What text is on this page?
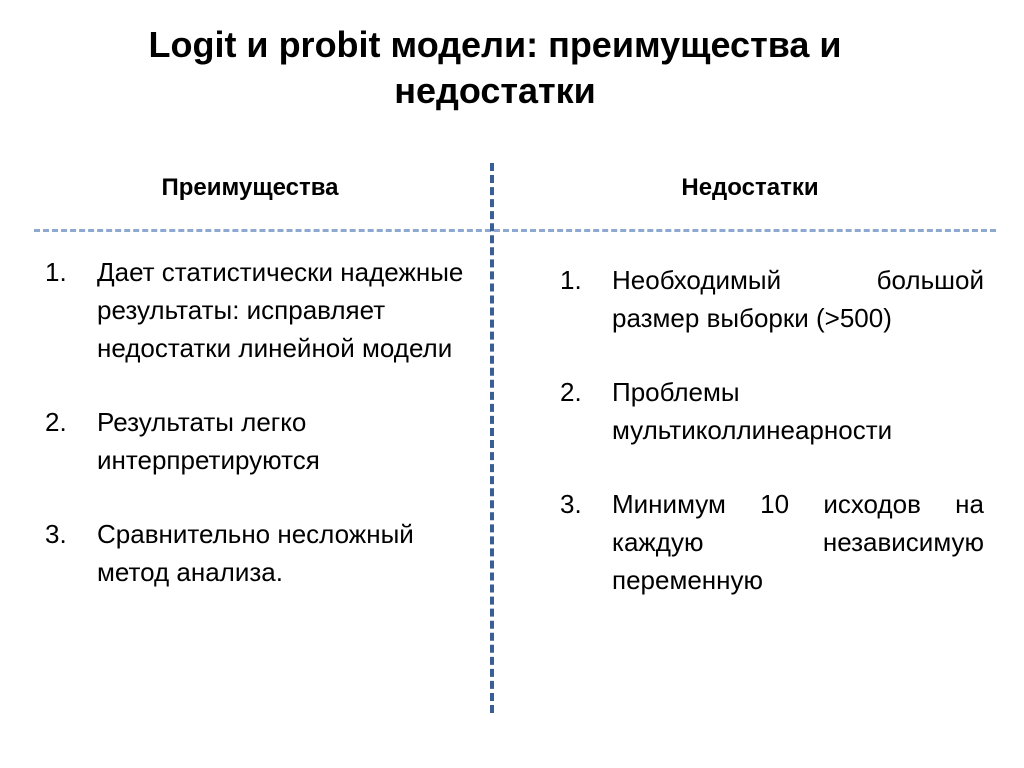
Logit и probit модели: преимущества и недостатки
Преимущества	Недостатки
1.	Дает статистически надежные результаты: исправляет недостатки линейной модели
2.	Результаты легко интерпретируются
3.	Сравнительно несложный метод анализа.
1.	Необходимый большой размер выборки (>500)
2.	Проблемы мультиколлинеарности
3.	Минимум 10 исходов на каждую независимую переменную
